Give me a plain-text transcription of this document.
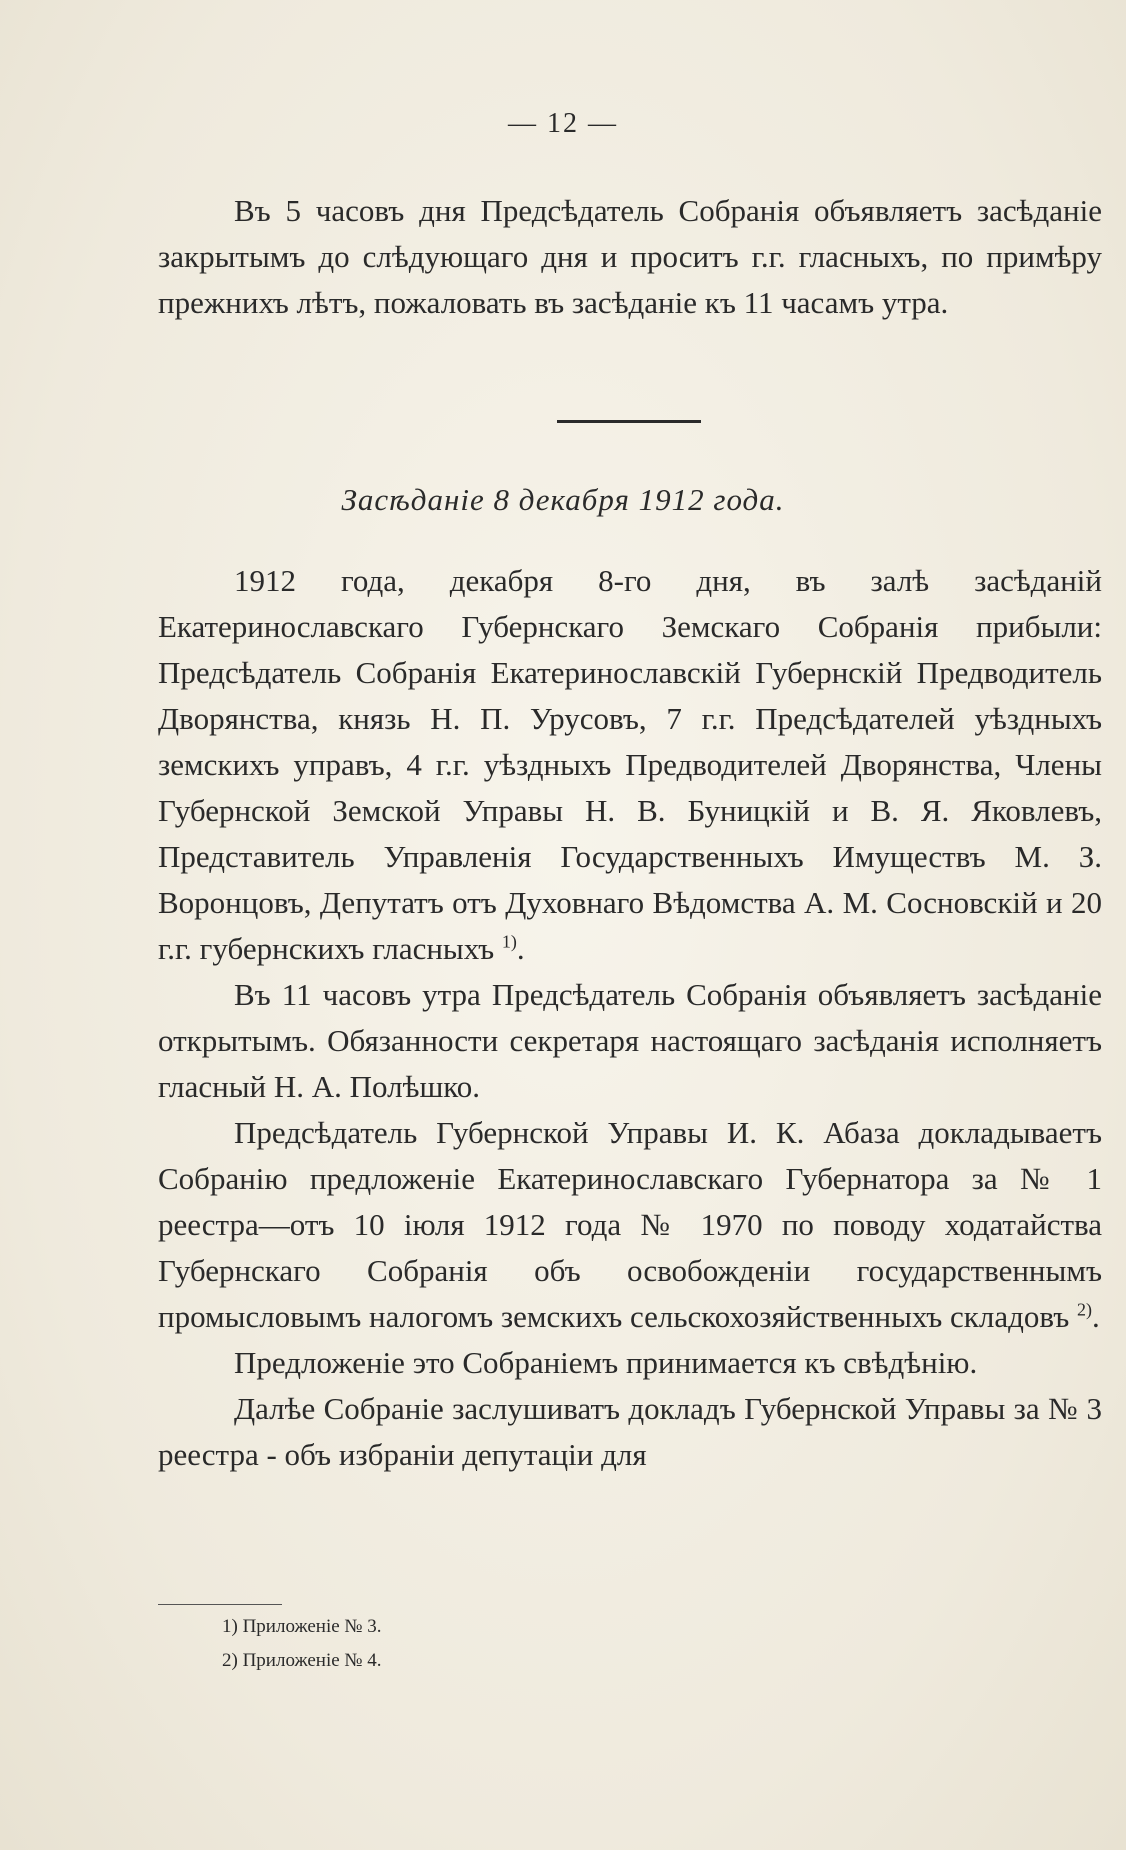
— 12 —

Въ 5 часовъ дня Предсѣдатель Собранія объявляетъ засѣданіе закрытымъ до слѣдующаго дня и проситъ г.г. гласныхъ, по примѣру прежнихъ лѣтъ, пожаловать въ засѣданіе къ 11 часамъ утра.

Засѣданіе 8 декабря 1912 года.

1912 года, декабря 8-го дня, въ залѣ засѣданій Екатеринославскаго Губернскаго Земскаго Собранія прибыли: Предсѣдатель Собранія Екатеринославскій Губернскій Предводитель Дворянства, князь Н. П. Урусовъ, 7 г.г. Предсѣдателей уѣздныхъ земскихъ управъ, 4 г.г. уѣздныхъ Предводителей Дворянства, Члены Губернской Земской Управы Н. В. Буницкій и В. Я. Яковлевъ, Представитель Управленія Государственныхъ Имуществъ М. З. Воронцовъ, Депутатъ отъ Духовнаго Вѣдомства А. М. Сосновскій и 20 г.г. губернскихъ гласныхъ $^{1)}$.

Въ 11 часовъ утра Предсѣдатель Собранія объявляетъ засѣданіе открытымъ. Обязанности секретаря настоящаго засѣданія исполняетъ гласный Н. А. Полѣшко.

Предсѣдатель Губернской Управы И. К. Абаза докладываетъ Собранію предложеніе Екатеринославскаго Губернатора за № 1 реестра—отъ 10 іюля 1912 года № 1970 по поводу ходатайства Губернскаго Собранія объ освобожденіи государственнымъ промысловымъ налогомъ земскихъ сельскохозяйственныхъ складовъ $^{2)}$.

Предложеніе это Собраніемъ принимается къ свѣдѣнію.

Далѣе Собраніе заслушиватъ докладъ Губернской Управы за № 3 реестра - объ избраніи депутаціи для

1) Приложеніе № 3.

2) Приложеніе № 4.
